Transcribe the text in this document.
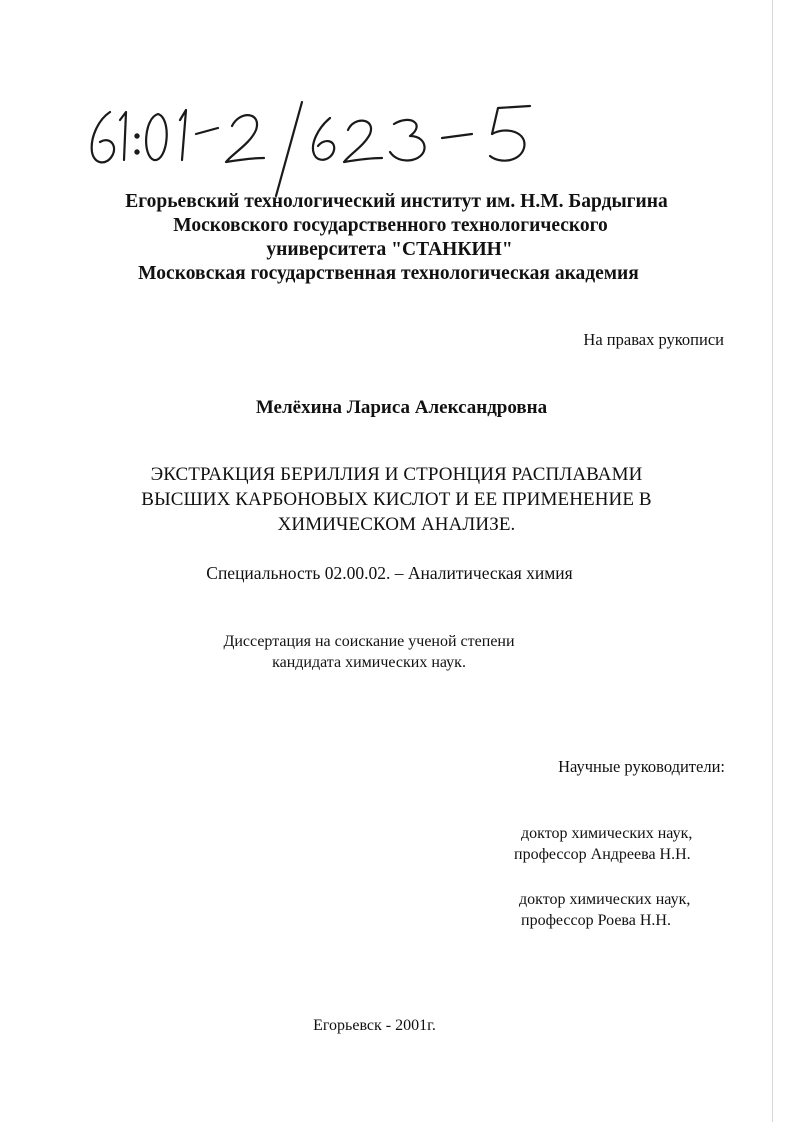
Егорьевский технологический институт им. Н.М. Бардыгина
Московского государственного технологического
университета "СТАНКИН"
Московская государственная технологическая академия
На правах рукописи
Мелёхина Лариса Александровна
ЭКСТРАКЦИЯ БЕРИЛЛИЯ И СТРОНЦИЯ РАСПЛАВАМИ
ВЫСШИХ КАРБОНОВЫХ КИСЛОТ И ЕЕ ПРИМЕНЕНИЕ В
ХИМИЧЕСКОМ АНАЛИЗЕ.
Специальность 02.00.02. – Аналитическая химия
Диссертация на соискание ученой степени
кандидата химических наук.
Научные руководители:
доктор химических наук,
профессор Андреева Н.Н.
доктор химических наук,
профессор Роева Н.Н.
Егорьевск - 2001г.
